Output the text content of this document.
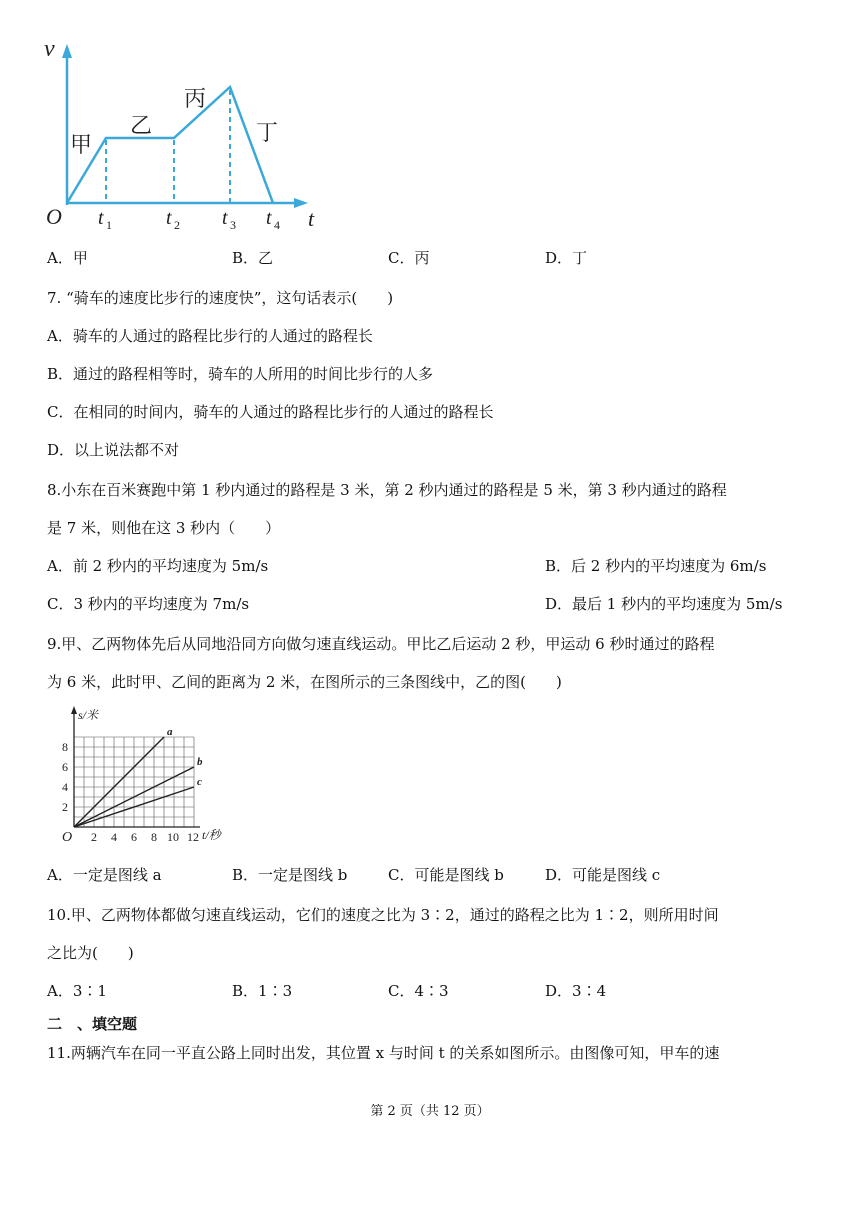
v
O	t
甲
乙
丙
丁
t 1	t 2 t 3 t 4
A．甲	B．乙	C．丙	D．丁
7. “骑车的速度比步行的速度快”，这句话表示(　　)
A．骑车的人通过的路程比步行的人通过的路程长
B．通过的路程相等时，骑车的人所用的时间比步行的人多
C．在相同的时间内，骑车的人通过的路程比步行的人通过的路程长
D．以上说法都不对
8.小东在百米赛跑中第 1 秒内通过的路程是 3 米，第 2 秒内通过的路程是 5 米，第 3 秒内通过的路程
是 7 米，则他在这 3 秒内（　　）
A．前 2 秒内的平均速度为 5m/s	B．后 2 秒内的平均速度为 6m/s
C．3 秒内的平均速度为 7m/s	D．最后 1 秒内的平均速度为 5m/s
9.甲、乙两物体先后从同地沿同方向做匀速直线运动。甲比乙后运动 2 秒，甲运动 6 秒时通过的路程
为 6 米，此时甲、乙间的距离为 2 米，在图所示的三条图线中，乙的图(　　)
a
b
c
s/米
t/秒
O
2
4
6
8
2 4 6 8 10 12
A．一定是图线 a	B．一定是图线 b	C．可能是图线 b	D．可能是图线 c
10.甲、乙两物体都做匀速直线运动，它们的速度之比为 3∶2，通过的路程之比为 1∶2，则所用时间
之比为(　　)
A．3∶1	B．1∶3	C．4∶3	D．3∶4
二　、填空题
11.两辆汽车在同一平直公路上同时出发，其位置 x 与时间 t 的关系如图所示。由图像可知，甲车的速
第 2 页（共 12 页）
